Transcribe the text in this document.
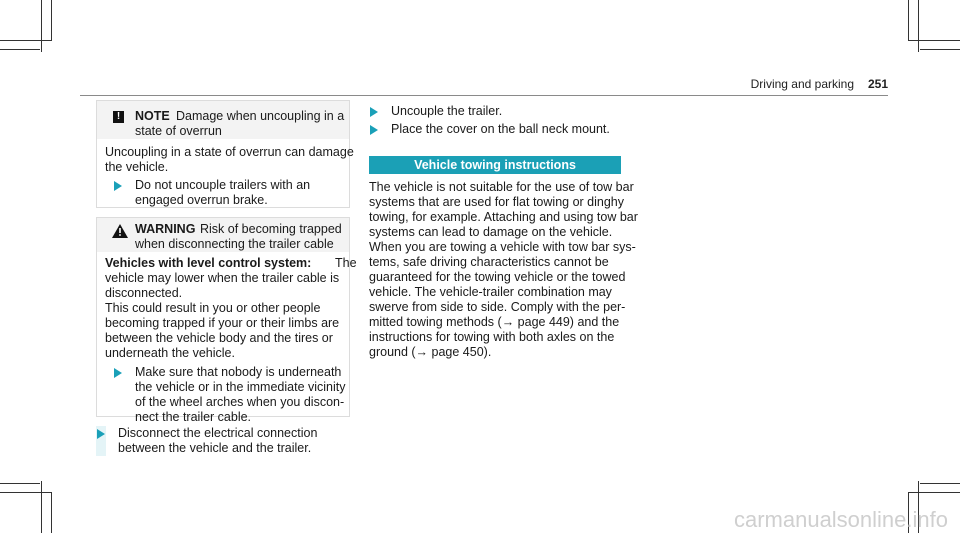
Driving and parking 251
!	NOTE Damage when uncoupling in a
state of overrun
Uncoupling in a state of overrun can damage
the vehicle.
Do not uncouple trailers with an
engaged overrun brake.
WARNING Risk of becoming trapped
when disconnecting the trailer cable
Vehicles with level control system: The
vehicle may lower when the trailer cable is
disconnected.
This could result in you or other people
becoming trapped if your or their limbs are
between the vehicle body and the tires or
underneath the vehicle.
Make sure that nobody is underneath
the vehicle or in the immediate vicinity
of the wheel arches when you discon-
nect the trailer cable.
Disconnect the electrical connection
between the vehicle and the trailer.
Uncouple the trailer.
Place the cover on the ball neck mount.
Vehicle towing instructions
The vehicle is not suitable for the use of tow bar
systems that are used for flat towing or dinghy
towing, for example. Attaching and using tow bar
systems can lead to damage on the vehicle.
When you are towing a vehicle with tow bar sys-
tems, safe driving characteristics cannot be
guaranteed for the towing vehicle or the towed
vehicle. The vehicle-trailer combination may
swerve from side to side. Comply with the per-
mitted towing methods (→ page 449) and the
instructions for towing with both axles on the
ground (→ page 450).
carmanualsonline.info
